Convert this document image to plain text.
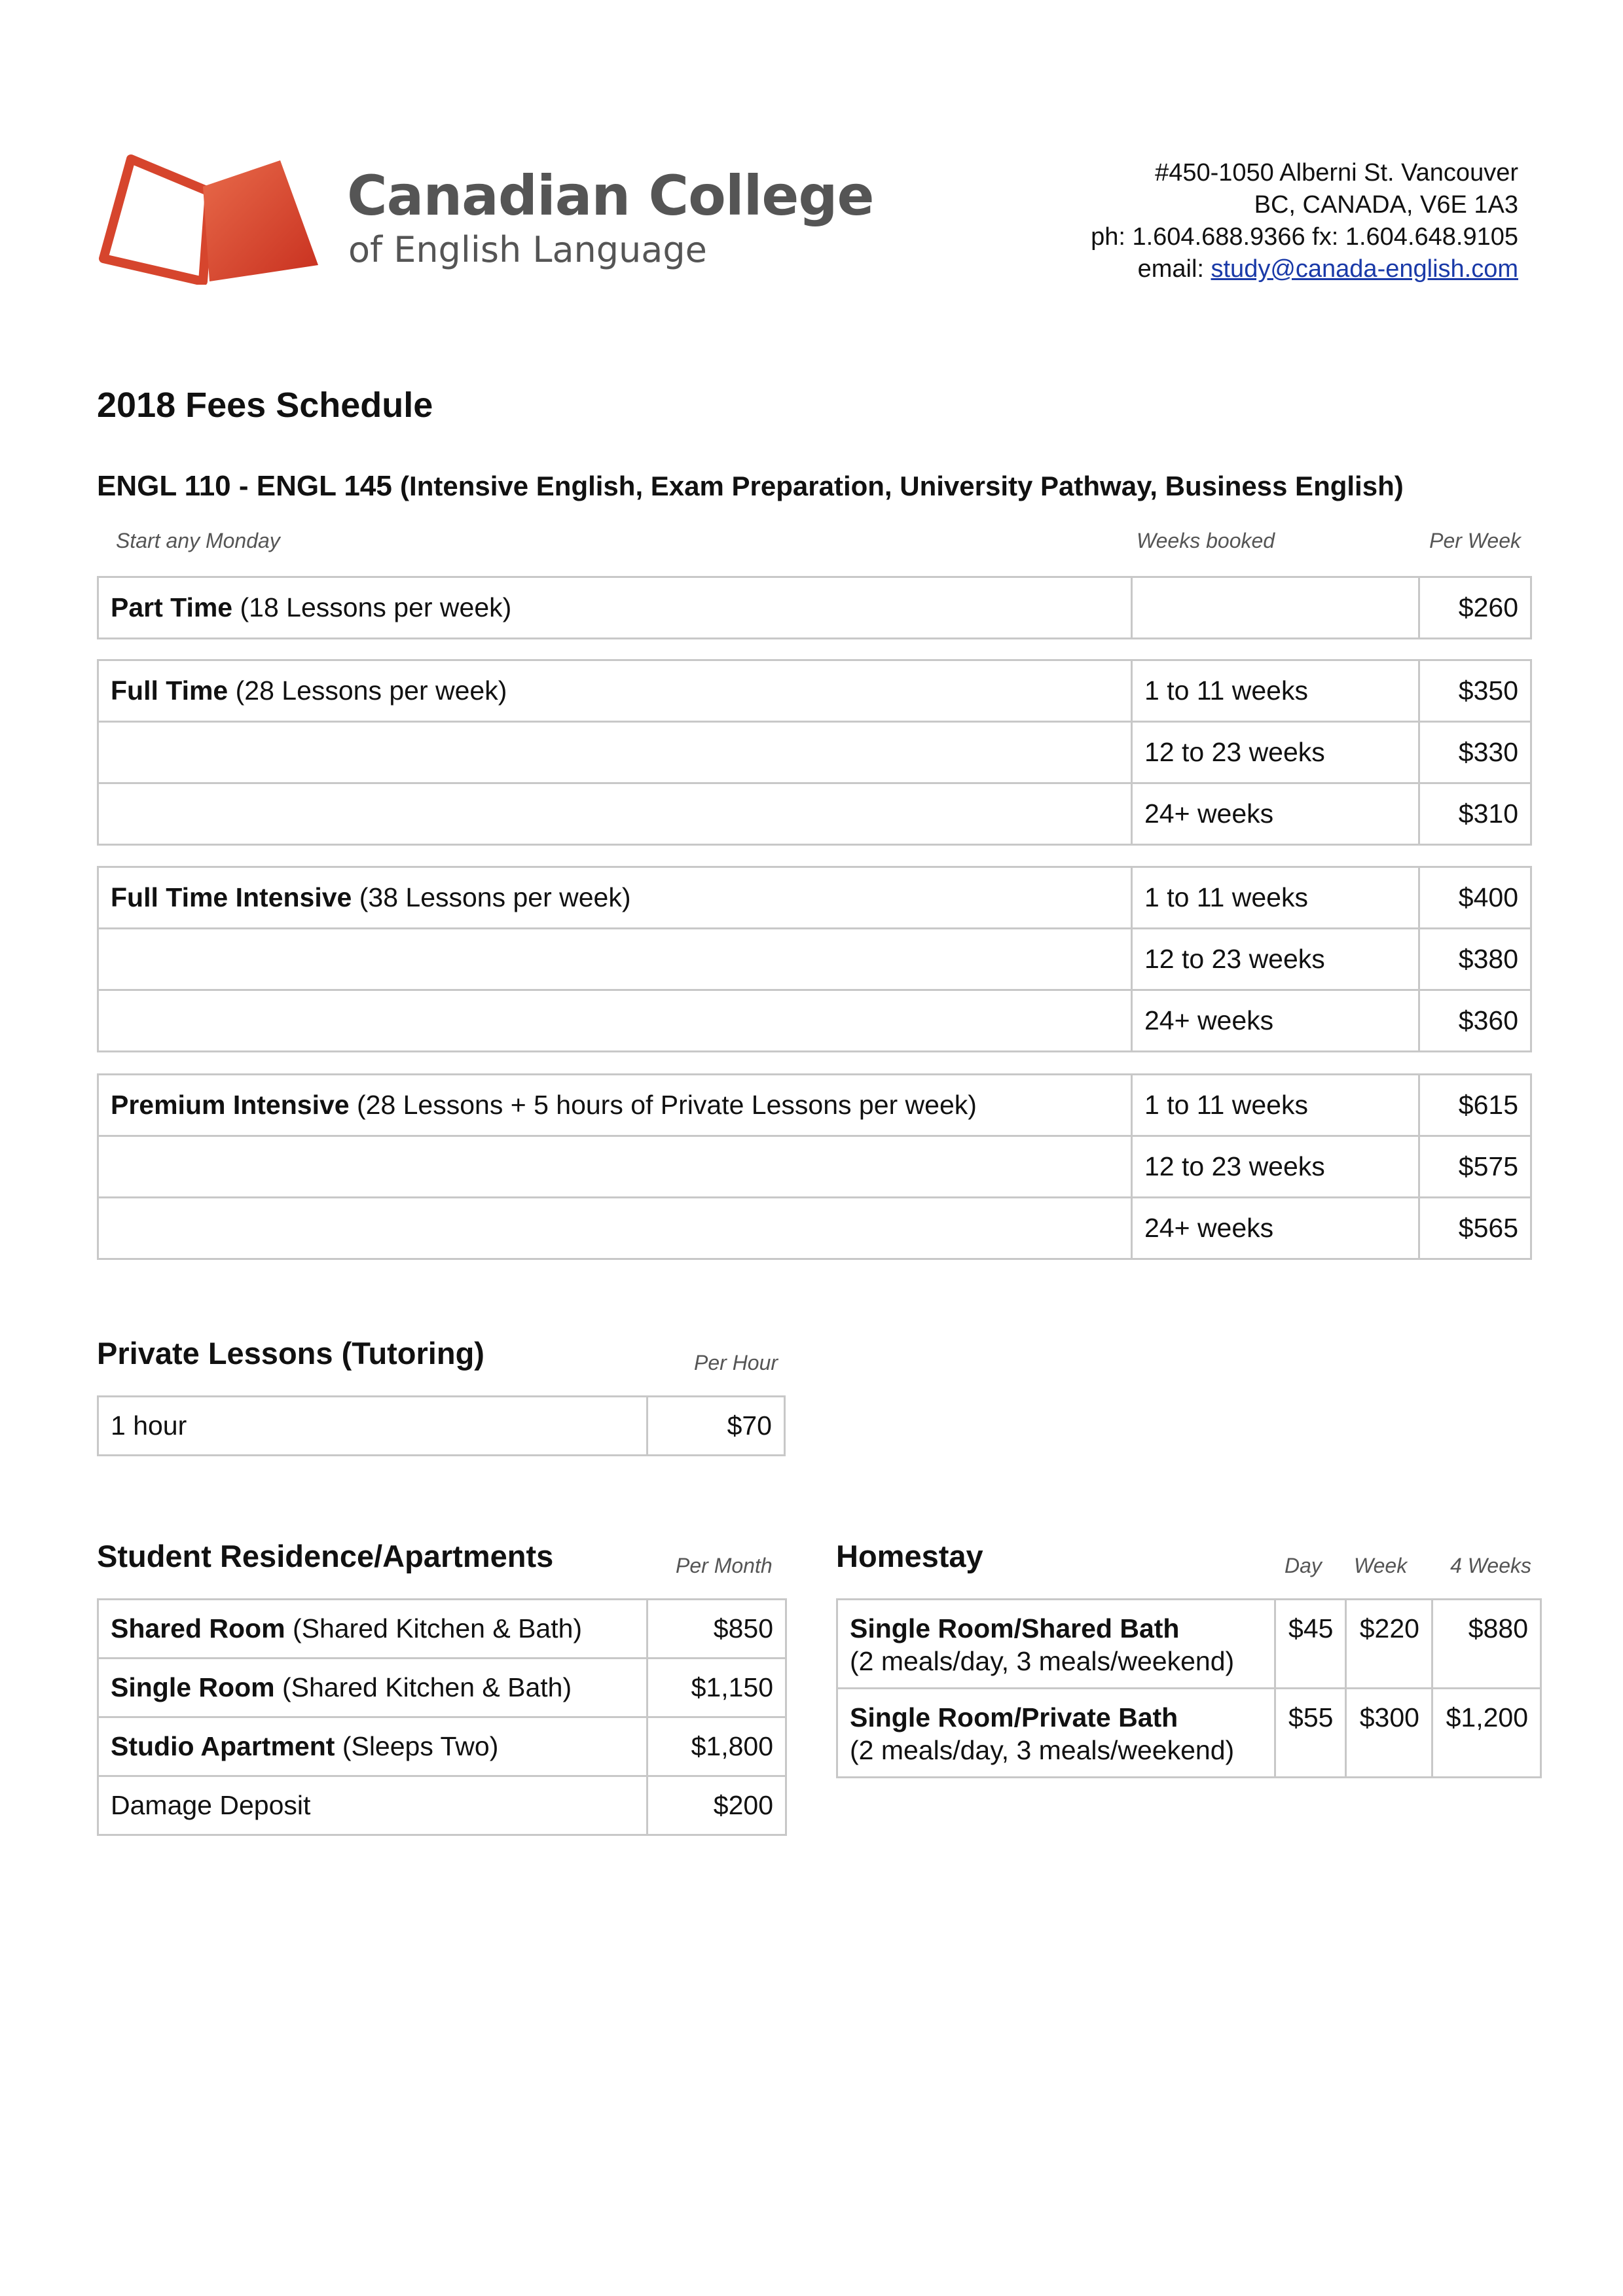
Canadian College
of English Language
#450-1050 Alberni St. Vancouver
BC, CANADA, V6E 1A3
ph: 1.604.688.9366 fx: 1.604.648.9105
email: study@canada-english.com
2018 Fees Schedule
ENGL 110 - ENGL 145 (Intensive English, Exam Preparation, University Pathway, Business English)
Start any Monday	Weeks booked	Per Week
Part Time (18 Lessons per week)		$260
Full Time (28 Lessons per week)	1 to 11 weeks	$350
	12 to 23 weeks	$330
	24+ weeks	$310
Full Time Intensive (38 Lessons per week)	1 to 11 weeks	$400
	12 to 23 weeks	$380
	24+ weeks	$360
Premium Intensive (28 Lessons + 5 hours of Private Lessons per week)	1 to 11 weeks	$615
	12 to 23 weeks	$575
	24+ weeks	$565
Private Lessons (Tutoring)	Per Hour
1 hour	$70
Student Residence/Apartments	Per Month
Shared Room (Shared Kitchen & Bath)	$850
Single Room (Shared Kitchen & Bath)	$1,150
Studio Apartment (Sleeps Two)	$1,800
Damage Deposit	$200
Homestay	Day Week 4 Weeks
Single Room/Shared Bath
(2 meals/day, 3 meals/weekend)	$45	$220	$880

Single Room/Private Bath
(2 meals/day, 3 meals/weekend)	$55	$300	$1,200
